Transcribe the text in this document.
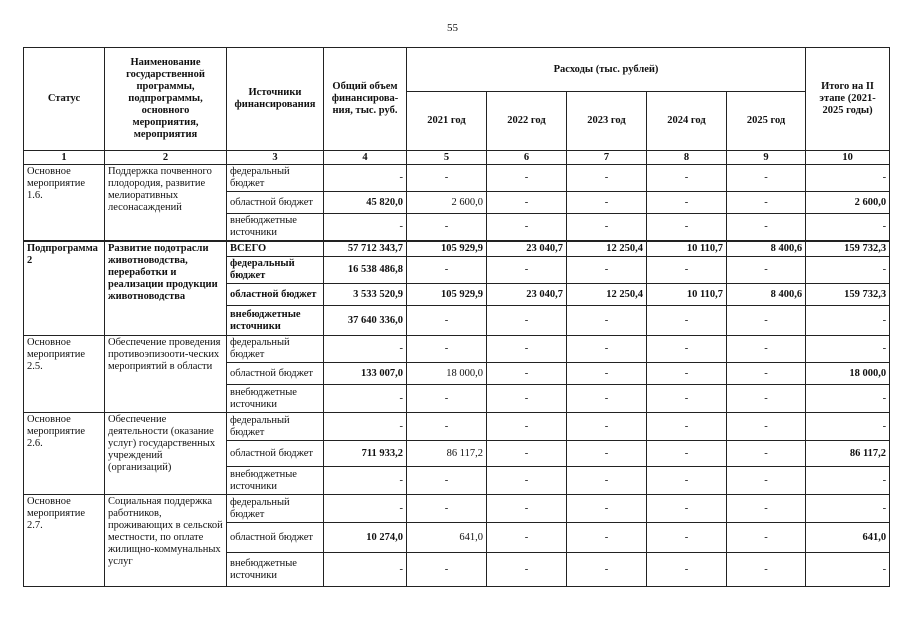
55
Статус	Наименование государственной программы, подпрограммы, основного мероприятия, мероприятия	Источники финансирования	Общий объем финансирова-ния, тыс. руб.	Расходы (тыс. рублей)					Итого на II этапе (2021-2025 годы)
				2021 год	2022 год	2023 год	2024 год	2025 год	
1	2	3	4	5	6	7	8	9	10
Основное мероприятие 1.6.	Поддержка почвенного плодородия, развитие мелиоративных лесонасаждений	федеральный бюджет	-	-	-	-	-	-	-
		областной бюджет	45 820,0	2 600,0	-	-	-	-	2 600,0
		внебюджетные источники	-	-	-	-	-	-	-
Подпрограмма 2	Развитие подотрасли животноводства, переработки и реализации продукции животноводства	ВСЕГО	57 712 343,7	105 929,9	23 040,7	12 250,4	10 110,7	8 400,6	159 732,3
		федеральный бюджет	16 538 486,8	-	-	-	-	-	-
		областной бюджет	3 533 520,9	105 929,9	23 040,7	12 250,4	10 110,7	8 400,6	159 732,3
		внебюджетные источники	37 640 336,0	-	-	-	-	-	-
Основное мероприятие 2.5.	Обеспечение проведения противоэпизооти-ческих мероприятий в области	федеральный бюджет	-	-	-	-	-	-	-
		областной бюджет	133 007,0	18 000,0	-	-	-	-	18 000,0
		внебюджетные источники	-	-	-	-	-	-	-
Основное мероприятие 2.6.	Обеспечение деятельности (оказание услуг) государственных учреждений (организаций)	федеральный бюджет	-	-	-	-	-	-	-
		областной бюджет	711 933,2	86 117,2	-	-	-	-	86 117,2
		внебюджетные источники	-	-	-	-	-	-	-
Основное мероприятие 2.7.	Социальная поддержка работников, проживающих в сельской местности, по оплате жилищно-коммунальных услуг	федеральный бюджет	-	-	-	-	-	-	-
		областной бюджет	10 274,0	641,0	-	-	-	-	641,0
		внебюджетные источники	-	-	-	-	-	-	-
